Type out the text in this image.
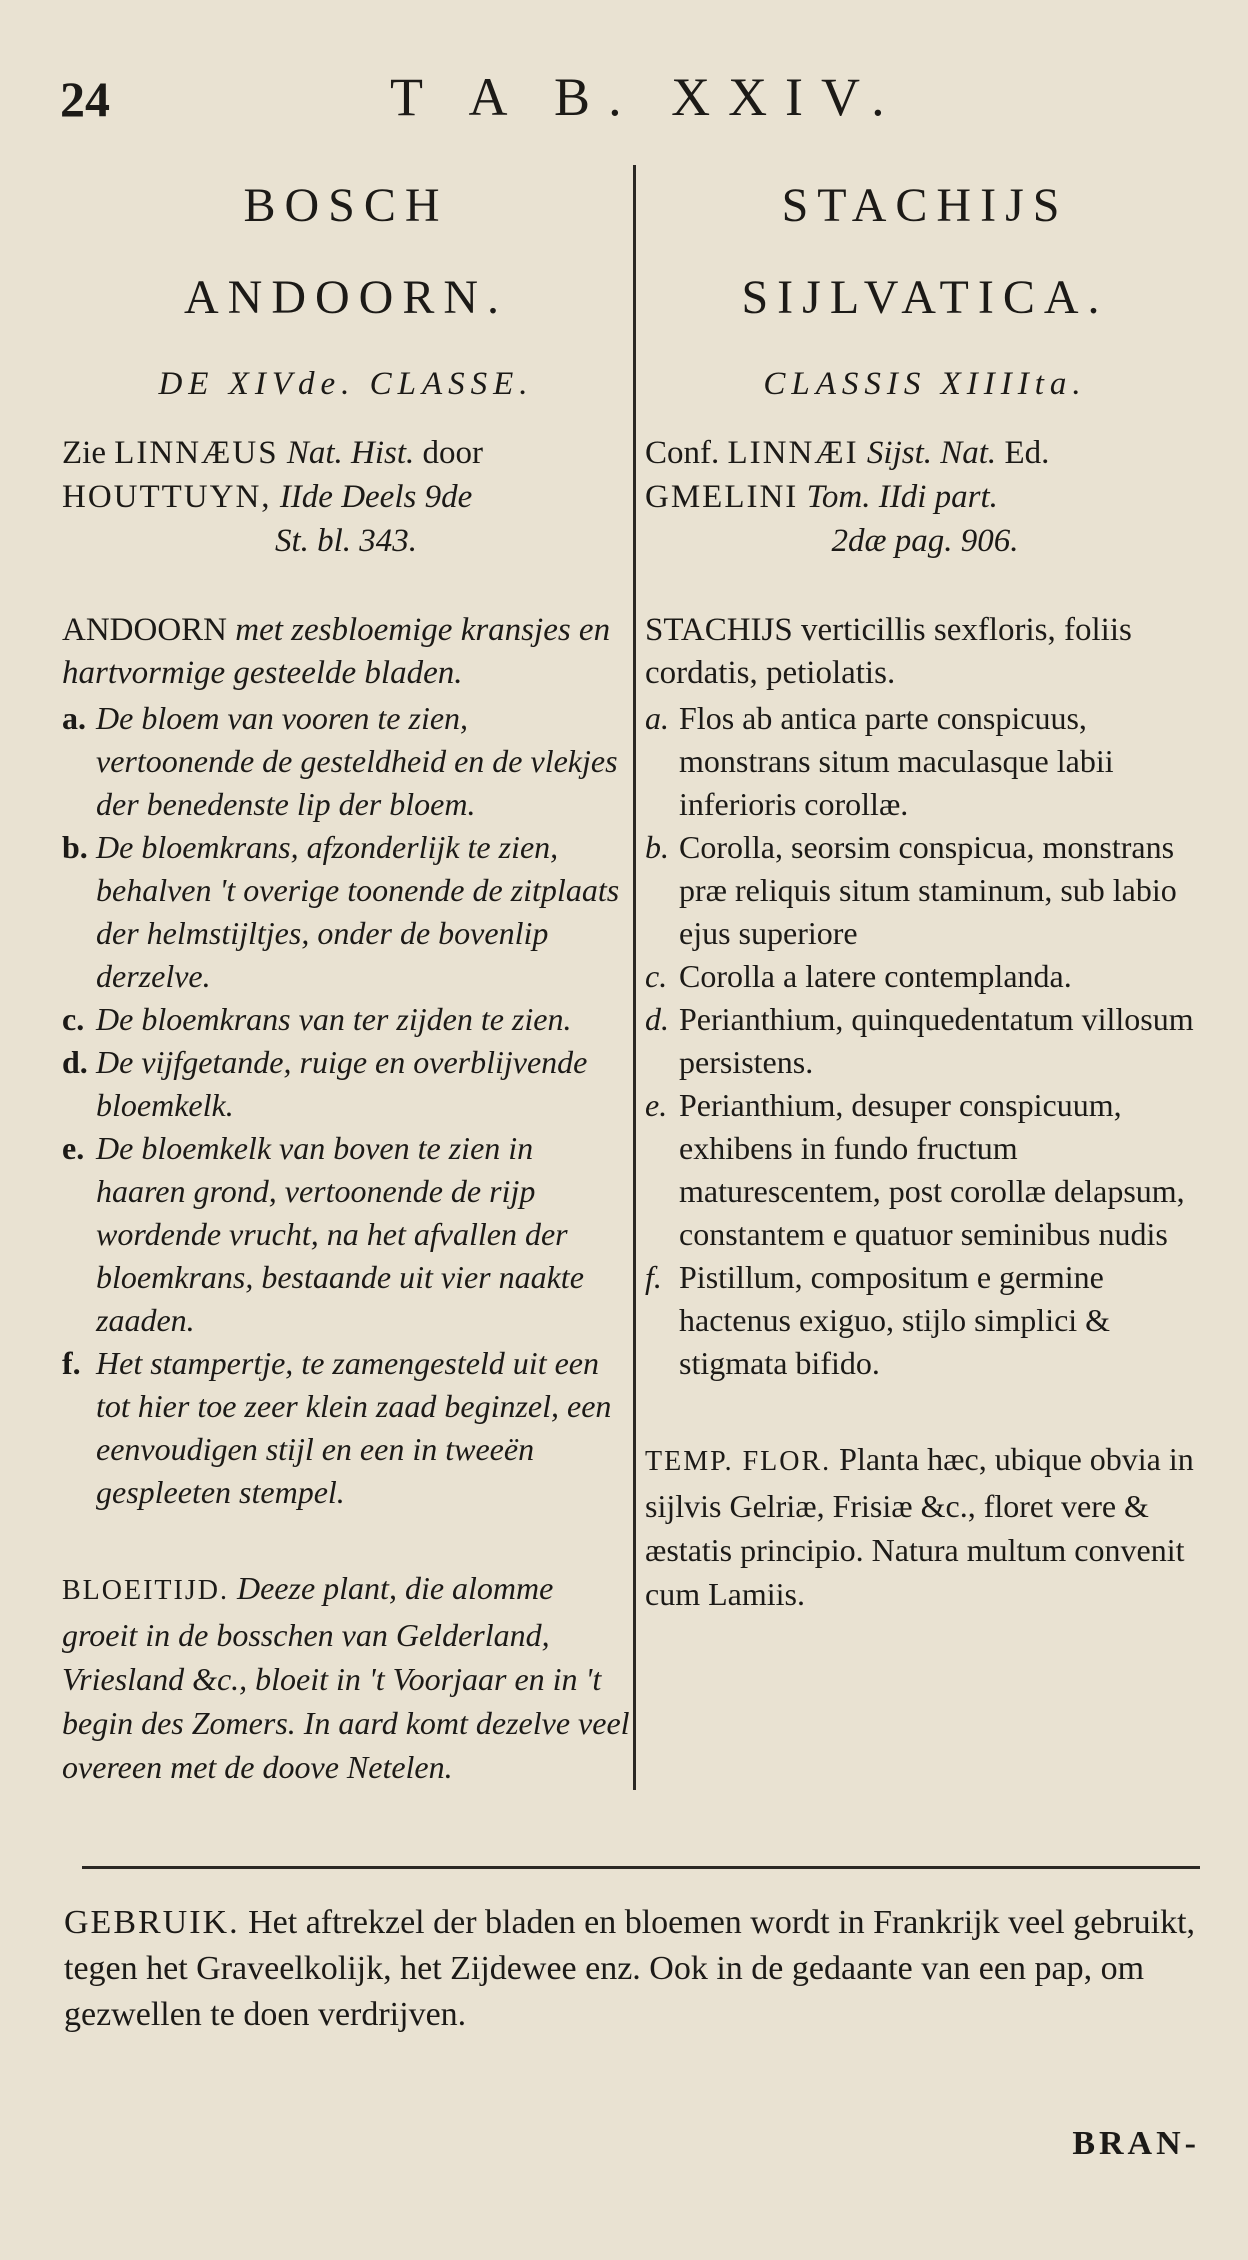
24	T A B. XXIV.
BOSCH
ANDOORN.
DE XIVde. CLASSE.
Zie LINNÆUS Nat. Hist. door
HOUTTUYN, IIde Deels 9de
St. bl. 343.
ANDOORN met zesbloemige kransjes en hartvormige gesteelde bladen.
a. De bloem van vooren te zien, vertoonende de gesteldheid en de vlekjes der benedenste lip der bloem.
b. De bloemkrans, afzonderlijk te zien, behalven 't overige toonende de zitplaats der helmstijltjes, onder de bovenlip derzelve.
c. De bloemkrans van ter zijden te zien.
d. De vijfgetande, ruige en overblijvende bloemkelk.
e. De bloemkelk van boven te zien in haaren grond, vertoonende de rijp wordende vrucht, na het afvallen der bloemkrans, bestaande uit vier naakte zaaden.
f. Het stampertje, te zamengesteld uit een tot hier toe zeer klein zaad beginzel, een eenvoudigen stijl en een in tweeën gespleeten stempel.
BLOEITIJD. Deeze plant, die alomme groeit in de bosschen van Gelderland, Vriesland &c., bloeit in 't Voorjaar en in 't begin des Zomers. In aard komt dezelve veel overeen met de doove Netelen.
STACHIJS
SIJLVATICA.
CLASSIS XIIIIta.
Conf. LINNÆI Sijst. Nat. Ed.
GMELINI Tom. IIdi part.
2dæ pag. 906.
STACHIJS verticillis sexfloris, foliis cordatis, petiolatis.
a. Flos ab antica parte conspicuus, monstrans situm maculasque labii inferioris corollæ.
b. Corolla, seorsim conspicua, monstrans præ reliquis situm staminum, sub labio ejus superiore
c. Corolla a latere contemplanda.
d. Perianthium, quinquedentatum villosum persistens.
e. Perianthium, desuper conspicuum, exhibens in fundo fructum maturescentem, post corollæ delapsum, constantem e quatuor seminibus nudis
f. Pistillum, compositum e germine hactenus exiguo, stijlo simplici & stigmata bifido.
TEMP. FLOR. Planta hæc, ubique obvia in sijlvis Gelriæ, Frisiæ &c., floret vere & æstatis principio. Natura multum convenit cum Lamiis.
GEBRUIK. Het aftrekzel der bladen en bloemen wordt in Frankrijk veel gebruikt, tegen het Graveelkolijk, het Zijdewee enz. Ook in de gedaante van een pap, om gezwellen te doen verdrijven.
BRAN-
